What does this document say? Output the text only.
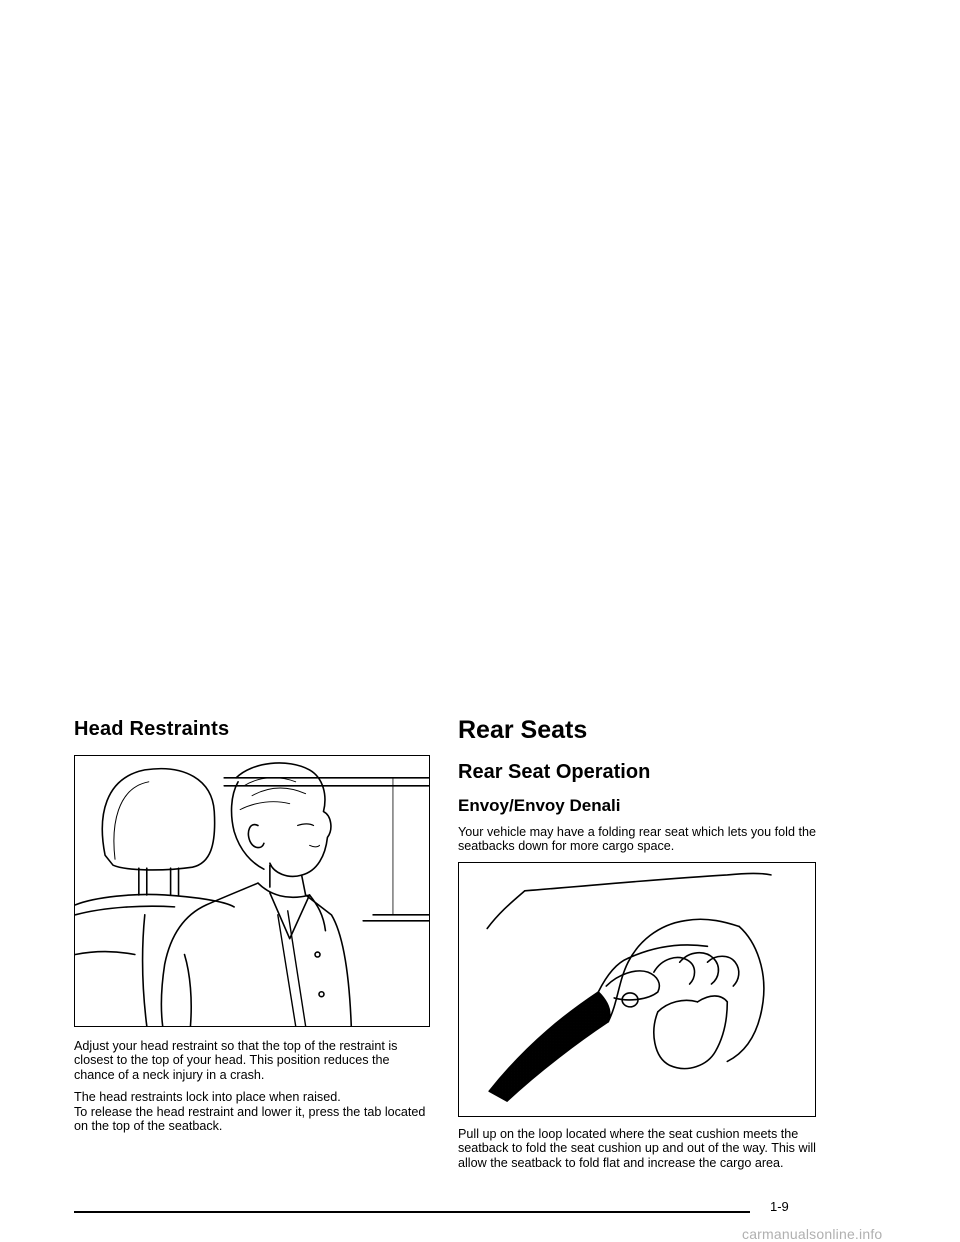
Head Restraints

Adjust your head restraint so that the top of the restraint is closest to the top of your head. This position reduces the chance of a neck injury in a crash.

The head restraints lock into place when raised.
To release the head restraint and lower it, press the tab located on the top of the seatback.

Rear Seats
Rear Seat Operation
Envoy/Envoy Denali

Your vehicle may have a folding rear seat which lets you fold the seatbacks down for more cargo space.

Pull up on the loop located where the seat cushion meets the seatback to fold the seat cushion up and out of the way. This will allow the seatback to fold flat and increase the cargo area.

1-9
carmanualsonline.info
